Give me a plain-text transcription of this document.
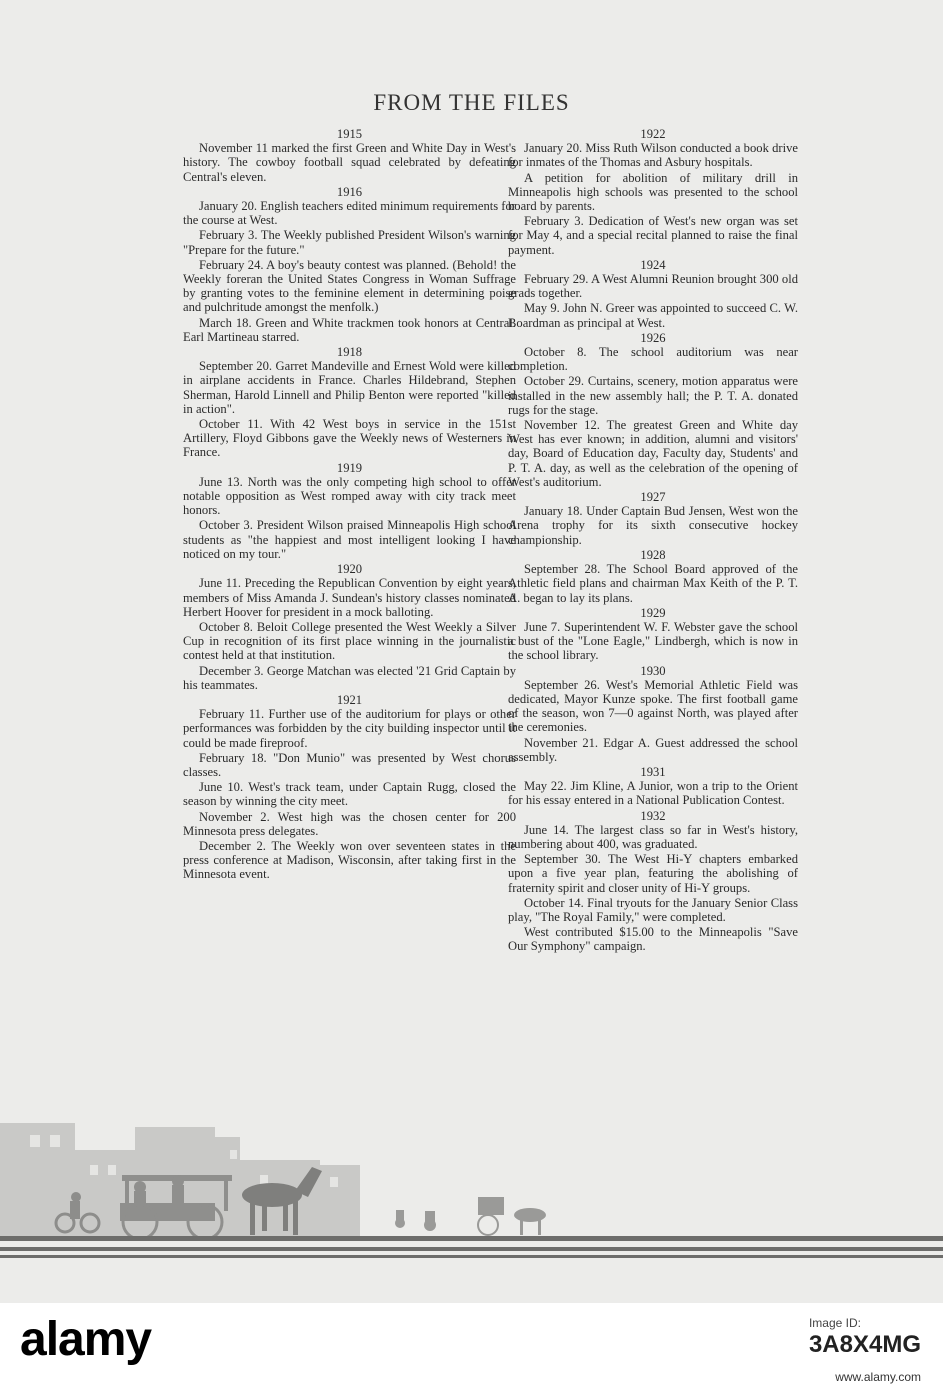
FROM THE FILES
1915

November 11 marked the first Green and White Day in West's history. The cowboy football squad celebrated by defeating Central's eleven.

1916

January 20. English teachers edited minimum requirements for the course at West.

February 3. The Weekly published President Wilson's warning "Prepare for the future."

February 24. A boy's beauty contest was planned. (Behold! the Weekly foreran the United States Congress in Woman Suffrage by granting votes to the feminine element in determining poise and pulchritude amongst the menfolk.)

March 18. Green and White trackmen took honors at Central. Earl Martineau starred.

1918

September 20. Garret Mandeville and Ernest Wold were killed in airplane accidents in France. Charles Hildebrand, Stephen Sherman, Harold Linnell and Philip Benton were reported "killed in action".

October 11. With 42 West boys in service in the 151st Artillery, Floyd Gibbons gave the Weekly news of Westerners in France.

1919

June 13. North was the only competing high school to offer notable opposition as West romped away with city track meet honors.

October 3. President Wilson praised Minneapolis High school students as "the happiest and most intelligent looking I have noticed on my tour."

1920

June 11. Preceding the Republican Convention by eight years, members of Miss Amanda J. Sundean's history classes nominated Herbert Hoover for president in a mock balloting.

October 8. Beloit College presented the West Weekly a Silver Cup in recognition of its first place winning in the journalistic contest held at that institution.

December 3. George Matchan was elected '21 Grid Captain by his teammates.

1921

February 11. Further use of the auditorium for plays or other performances was forbidden by the city building inspector until it could be made fireproof.

February 18. "Don Munio" was presented by West chorus classes.

June 10. West's track team, under Captain Rugg, closed the season by winning the city meet.

November 2. West high was the chosen center for 200 Minnesota press delegates.

December 2. The Weekly won over seventeen states in the press conference at Madison, Wisconsin, after taking first in the Minnesota event.

1922

January 20. Miss Ruth Wilson conducted a book drive for inmates of the Thomas and Asbury hospitals.

A petition for abolition of military drill in Minneapolis high schools was presented to the school board by parents.

February 3. Dedication of West's new organ was set for May 4, and a special recital planned to raise the final payment.

1924

February 29. A West Alumni Reunion brought 300 old grads together.

May 9. John N. Greer was appointed to succeed C. W. Boardman as principal at West.

1926

October 8. The school auditorium was near completion.

October 29. Curtains, scenery, motion apparatus were installed in the new assembly hall; the P. T. A. donated rugs for the stage.

November 12. The greatest Green and White day West has ever known; in addition, alumni and visitors' day, Board of Education day, Faculty day, Students' and P. T. A. day, as well as the celebration of the opening of West's auditorium.

1927

January 18. Under Captain Bud Jensen, West won the Arena trophy for its sixth consecutive hockey championship.

1928

September 28. The School Board approved of the Athletic field plans and chairman Max Keith of the P. T. A. began to lay its plans.

1929

June 7. Superintendent W. F. Webster gave the school a bust of the "Lone Eagle," Lindbergh, which is now in the school library.

1930

September 26. West's Memorial Athletic Field was dedicated, Mayor Kunze spoke. The first football game of the season, won 7—0 against North, was played after the ceremonies.

November 21. Edgar A. Guest addressed the school assembly.

1931

May 22. Jim Kline, A Junior, won a trip to the Orient for his essay entered in a National Publication Contest.

1932

June 14. The largest class so far in West's history, numbering about 400, was graduated.

September 30. The West Hi-Y chapters embarked upon a five year plan, featuring the abolishing of fraternity spirit and closer unity of Hi-Y groups.

October 14. Final tryouts for the January Senior Class play, "The Royal Family," were completed.

West contributed $15.00 to the Minneapolis "Save Our Symphony" campaign.

alamy	Image ID:
3A8X4MG
www.alamy.com
